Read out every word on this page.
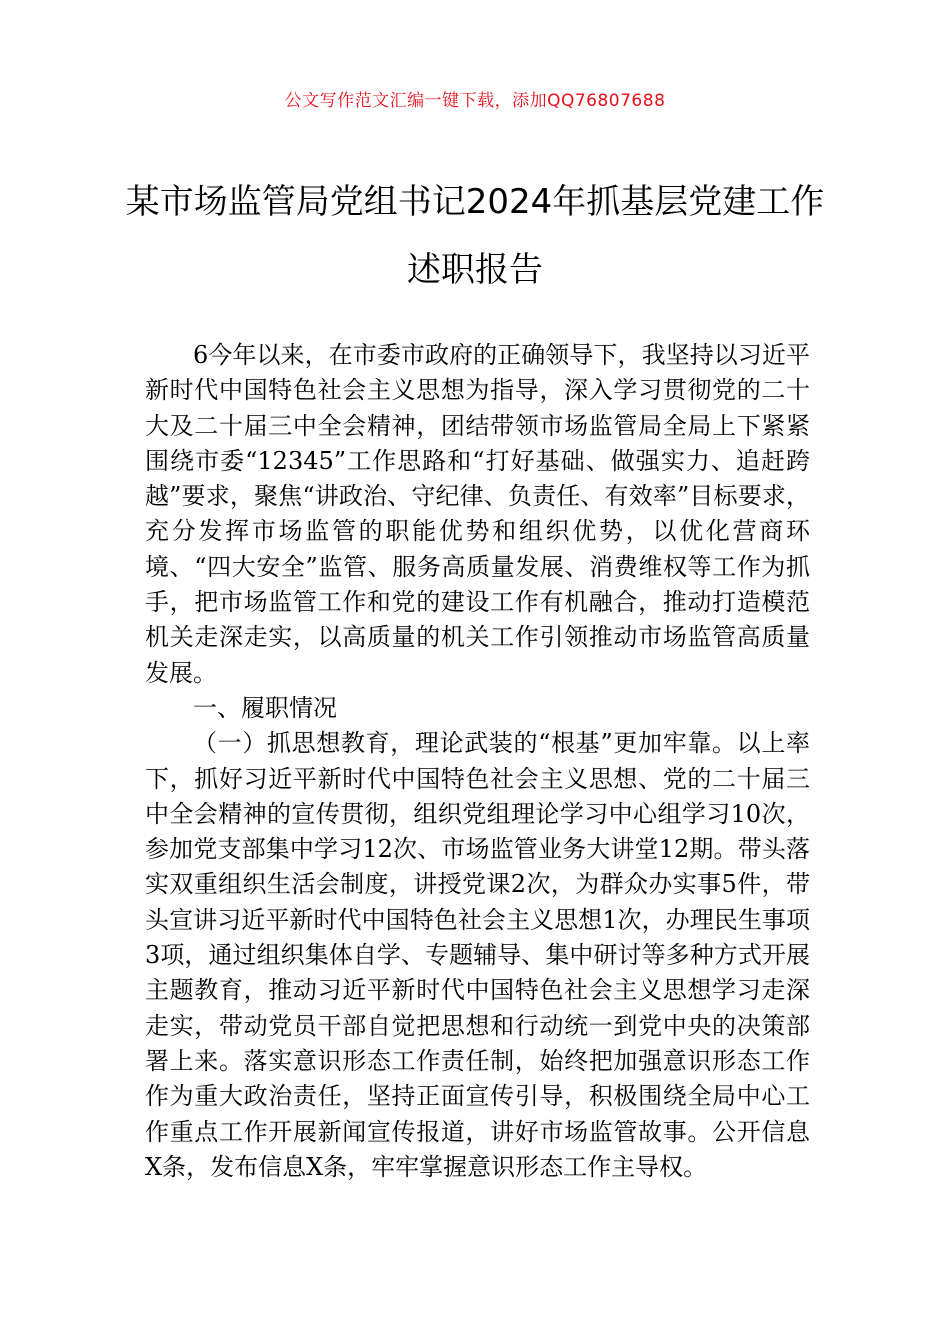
公文写作范文汇编一键下载，添加QQ76807688
某市场监管局党组书记2024年抓基层党建工作述职报告

6今年以来，在市委市政府的正确领导下，我坚持以习近平新时代中国特色社会主义思想为指导，深入学习贯彻党的二十大及二十届三中全会精神，团结带领市场监管局全局上下紧紧围绕市委“12345”工作思路和“打好基础、做强实力、追赶跨越”要求，聚焦“讲政治、守纪律、负责任、有效率”目标要求，充分发挥市场监管的职能优势和组织优势，以优化营商环境、“四大安全”监管、服务高质量发展、消费维权等工作为抓手，把市场监管工作和党的建设工作有机融合，推动打造模范机关走深走实，以高质量的机关工作引领推动市场监管高质量发展。

一、履职情况

（一）抓思想教育，理论武装的“根基”更加牢靠。以上率下，抓好习近平新时代中国特色社会主义思想、党的二十届三中全会精神的宣传贯彻，组织党组理论学习中心组学习10次，参加党支部集中学习12次、市场监管业务大讲堂12期。带头落实双重组织生活会制度，讲授党课2次，为群众办实事5件，带头宣讲习近平新时代中国特色社会主义思想1次，办理民生事项3项，通过组织集体自学、专题辅导、集中研讨等多种方式开展主题教育，推动习近平新时代中国特色社会主义思想学习走深走实，带动党员干部自觉把思想和行动统一到党中央的决策部署上来。落实意识形态工作责任制，始终把加强意识形态工作作为重大政治责任，坚持正面宣传引导，积极围绕全局中心工作重点工作开展新闻宣传报道，讲好市场监管故事。公开信息X条，发布信息X条，牢牢掌握意识形态工作主导权。
